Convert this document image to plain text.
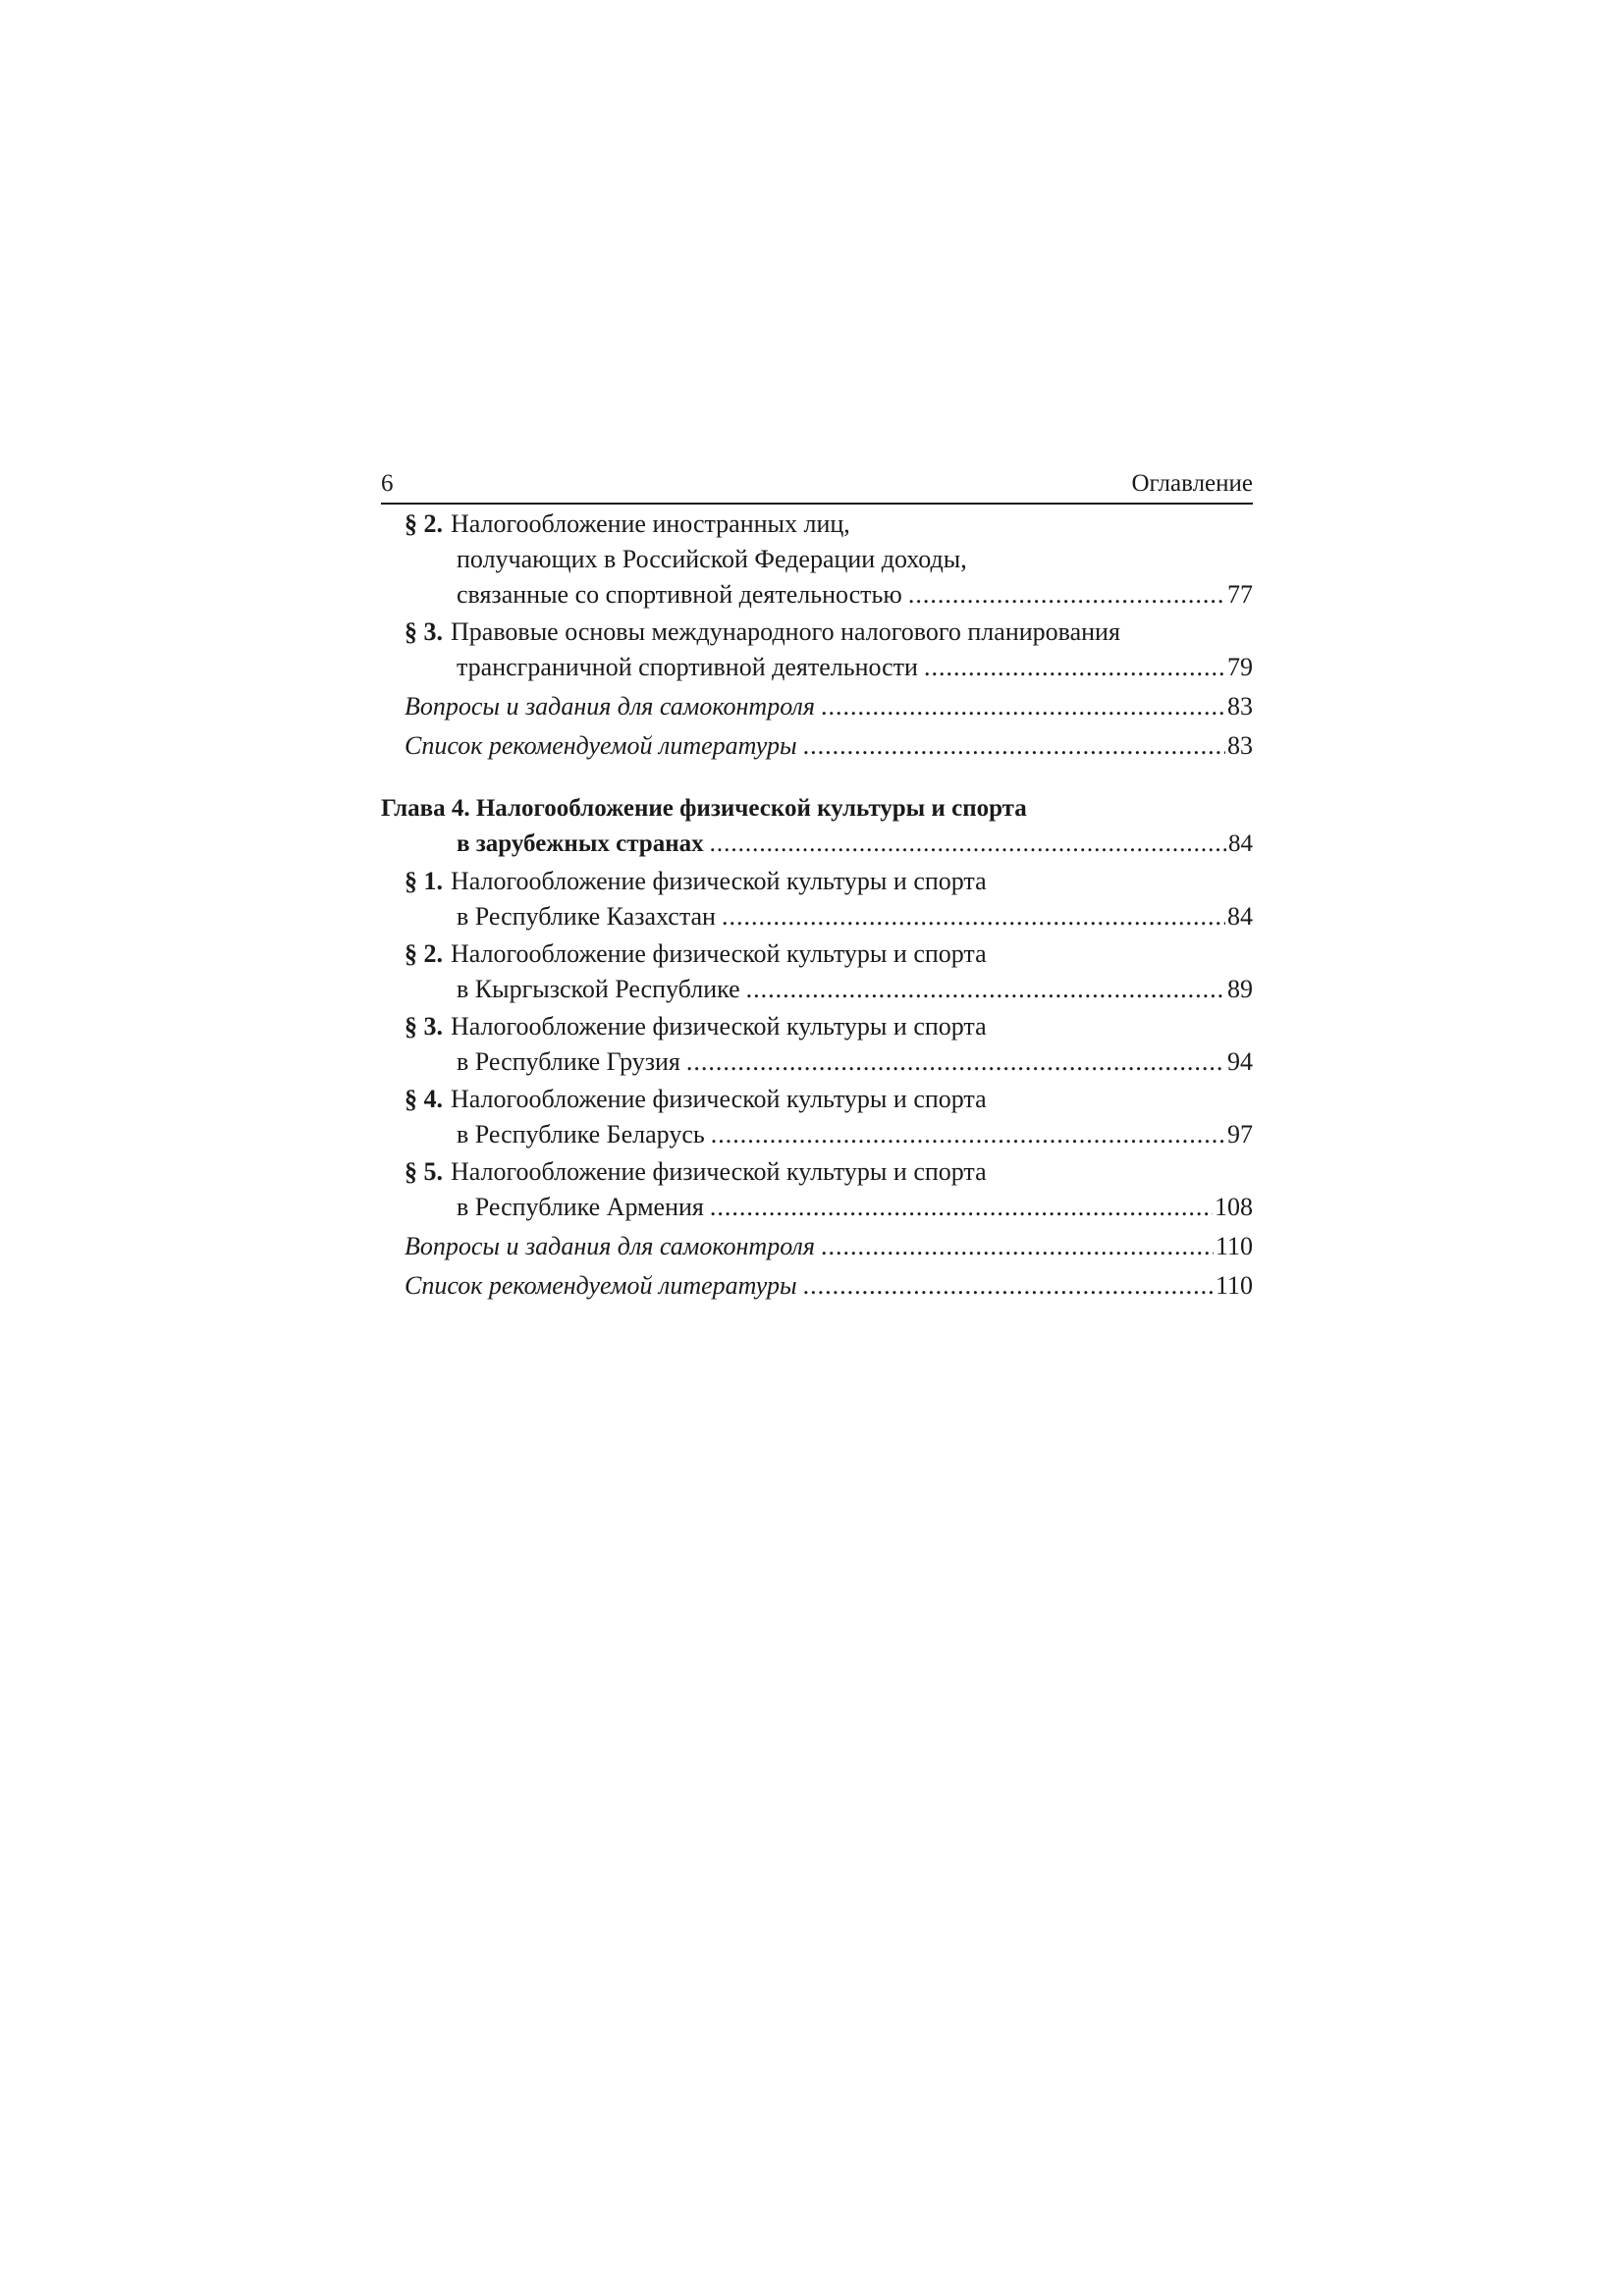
6	Оглавление
§ 2. Налогообложение иностранных лиц,
получающих в Российской Федерации доходы,
связанные со спортивной деятельностью .....	77
§ 3. Правовые основы международного налогового планирования
трансграничной спортивной деятельности .....	79
Вопросы и задания для самоконтроля .....	83
Список рекомендуемой литературы .....	83
Глава 4. Налогообложение физической культуры и спорта
в зарубежных странах .....	84
§ 1. Налогообложение физической культуры и спорта
в Республике Казахстан .....	84
§ 2. Налогообложение физической культуры и спорта
в Кыргызской Республике .....	89
§ 3. Налогообложение физической культуры и спорта
в Республике Грузия .....	94
§ 4. Налогообложение физической культуры и спорта
в Республике Беларусь .....	97
§ 5. Налогообложение физической культуры и спорта
в Республике Армения .....	108
Вопросы и задания для самоконтроля .....	110
Список рекомендуемой литературы .....	110
